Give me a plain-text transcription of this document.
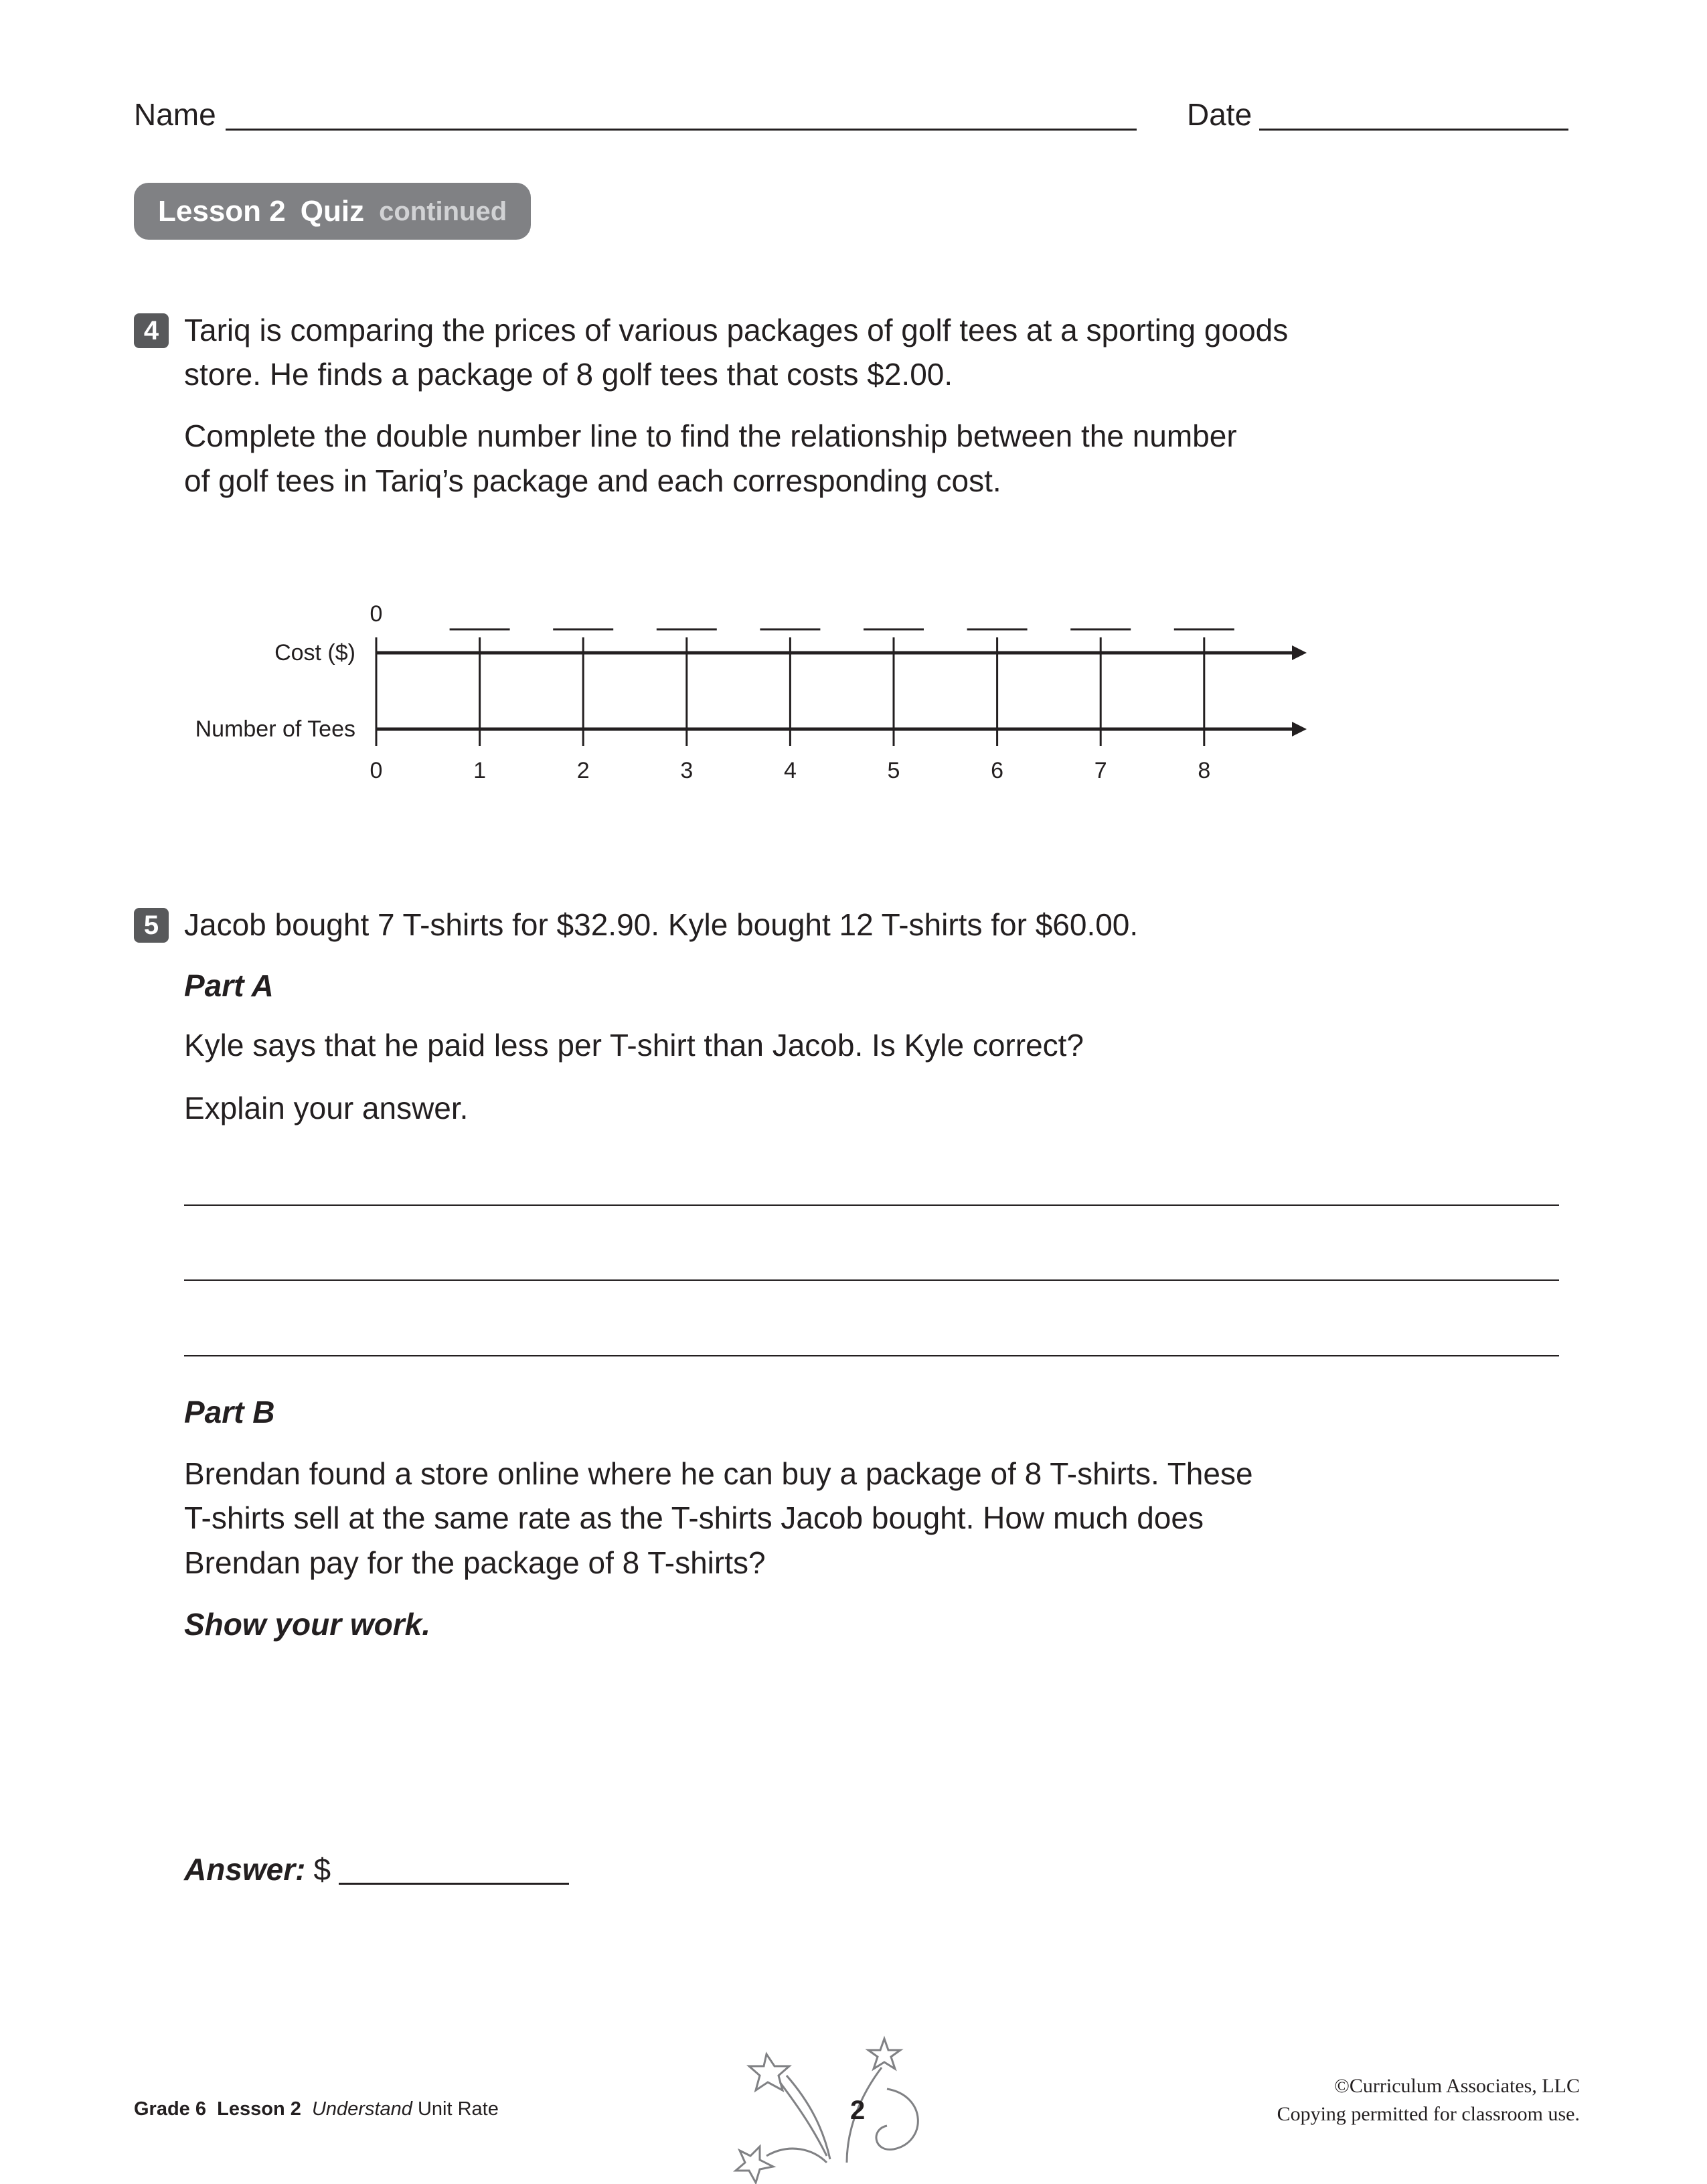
Name	Date
Lesson 2 Quiz continued
4 Tariq is comparing the prices of various packages of golf tees at a sporting goods
store. He finds a package of 8 golf tees that costs $2.00.
Complete the double number line to find the relationship between the number
of golf tees in Tariq’s package and each corresponding cost.
Cost ($)
Number of Tees
0
0
1	2	3	4	5	6	7	8
5 Jacob bought 7 T-shirts for $32.90. Kyle bought 12 T-shirts for $60.00.
Part A
Kyle says that he paid less per T-shirt than Jacob. Is Kyle correct?
Explain your answer.
Part B
Brendan found a store online where he can buy a package of 8 T-shirts. These
T-shirts sell at the same rate as the T-shirts Jacob bought. How much does
Brendan pay for the package of 8 T-shirts?
Show your work.
Answer: $
Grade 6 Lesson 2 Understand Unit Rate	2
©Curriculum Associates, LLC
Copying permitted for classroom use.
